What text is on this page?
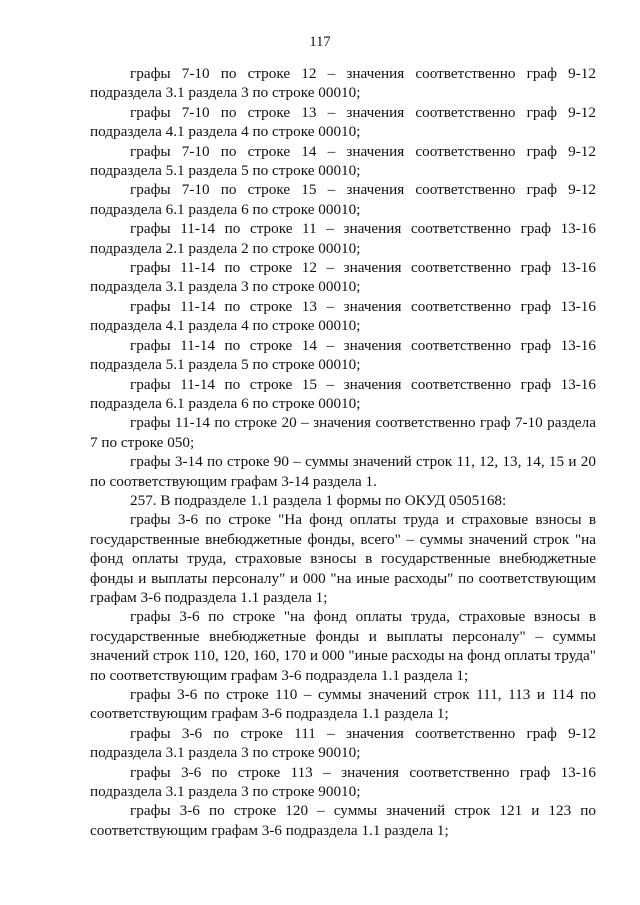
117

графы 7-10 по строке 12 – значения соответственно граф 9-12 подраздела 3.1 раздела 3 по строке 00010;

графы 7-10 по строке 13 – значения соответственно граф 9-12 подраздела 4.1 раздела 4 по строке 00010;

графы 7-10 по строке 14 – значения соответственно граф 9-12 подраздела 5.1 раздела 5 по строке 00010;

графы 7-10 по строке 15 – значения соответственно граф 9-12 подраздела 6.1 раздела 6 по строке 00010;

графы 11-14 по строке 11 – значения соответственно граф 13-16 подраздела 2.1 раздела 2 по строке 00010;

графы 11-14 по строке 12 – значения соответственно граф 13-16 подраздела 3.1 раздела 3 по строке 00010;

графы 11-14 по строке 13 – значения соответственно граф 13-16 подраздела 4.1 раздела 4 по строке 00010;

графы 11-14 по строке 14 – значения соответственно граф 13-16 подраздела 5.1 раздела 5 по строке 00010;

графы 11-14 по строке 15 – значения соответственно граф 13-16 подраздела 6.1 раздела 6 по строке 00010;

графы 11-14 по строке 20 – значения соответственно граф 7-10 раздела 7 по строке 050;

графы 3-14 по строке 90 – суммы значений строк 11, 12, 13, 14, 15 и 20 по соответствующим графам 3-14 раздела 1.

257. В подразделе 1.1 раздела 1 формы по ОКУД 0505168:

графы 3-6 по строке "На фонд оплаты труда и страховые взносы в государственные внебюджетные фонды, всего" – суммы значений строк "на фонд оплаты труда, страховые взносы в государственные внебюджетные фонды и выплаты персоналу" и 000 "на иные расходы" по соответствующим графам 3-6 подраздела 1.1 раздела 1;

графы 3-6 по строке "на фонд оплаты труда, страховые взносы в государственные внебюджетные фонды и выплаты персоналу" – суммы значений строк 110, 120, 160, 170 и 000 "иные расходы на фонд оплаты труда" по соответствующим графам 3-6 подраздела 1.1 раздела 1;

графы 3-6 по строке 110 – суммы значений строк 111, 113 и 114 по соответствующим графам 3-6 подраздела 1.1 раздела 1;

графы 3-6 по строке 111 – значения соответственно граф 9-12 подраздела 3.1 раздела 3 по строке 90010;

графы 3-6 по строке 113 – значения соответственно граф 13-16 подраздела 3.1 раздела 3 по строке 90010;

графы 3-6 по строке 120 – суммы значений строк 121 и 123 по соответствующим графам 3-6 подраздела 1.1 раздела 1;
